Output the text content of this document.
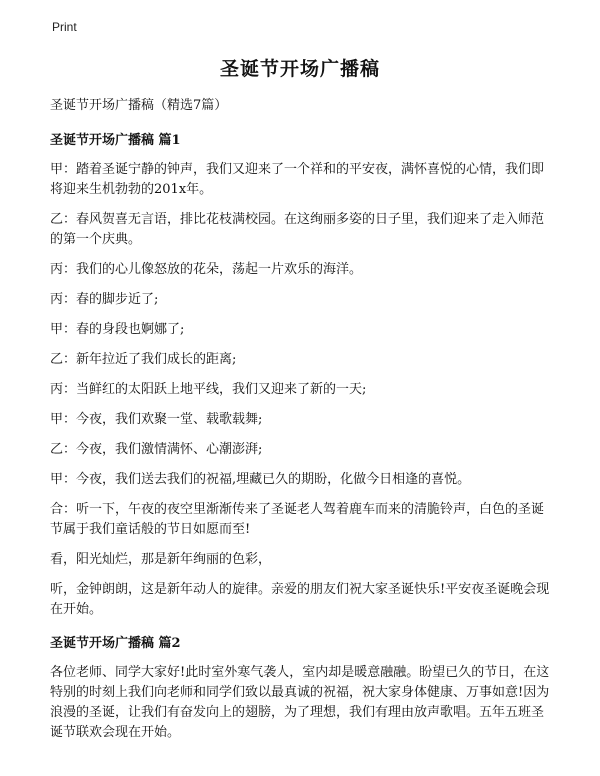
Print
圣诞节开场广播稿

圣诞节开场广播稿（精选7篇）

圣诞节开场广播稿 篇1

甲：踏着圣诞宁静的钟声，我们又迎来了一个祥和的平安夜，满怀喜悦的心情，我们即将迎来生机勃勃的201x年。

乙：春风贺喜无言语，排比花枝满校园。在这绚丽多姿的日子里，我们迎来了走入师范的第一个庆典。

丙：我们的心儿像怒放的花朵，荡起一片欢乐的海洋。

丙：春的脚步近了;

甲：春的身段也婀娜了;

乙：新年拉近了我们成长的距离;

丙：当鲜红的太阳跃上地平线，我们又迎来了新的一天;

甲：今夜，我们欢聚一堂、载歌载舞;

乙：今夜，我们激情满怀、心潮澎湃;

甲：今夜，我们送去我们的祝福,埋藏已久的期盼，化做今日相逢的喜悦。

合：听一下，午夜的夜空里渐渐传来了圣诞老人驾着鹿车而来的清脆铃声，白色的圣诞节属于我们童话般的节日如愿而至!

看，阳光灿烂，那是新年绚丽的色彩，

听，金钟朗朗，这是新年动人的旋律。亲爱的朋友们祝大家圣诞快乐!平安夜圣诞晚会现在开始。

圣诞节开场广播稿 篇2

各位老师、同学大家好!此时室外寒气袭人，室内却是暖意融融。盼望已久的节日，在这特别的时刻上我们向老师和同学们致以最真诚的祝福，祝大家身体健康、万事如意!因为浪漫的圣诞，让我们有奋发向上的翅膀，为了理想，我们有理由放声歌唱。五年五班圣诞节联欢会现在开始。
